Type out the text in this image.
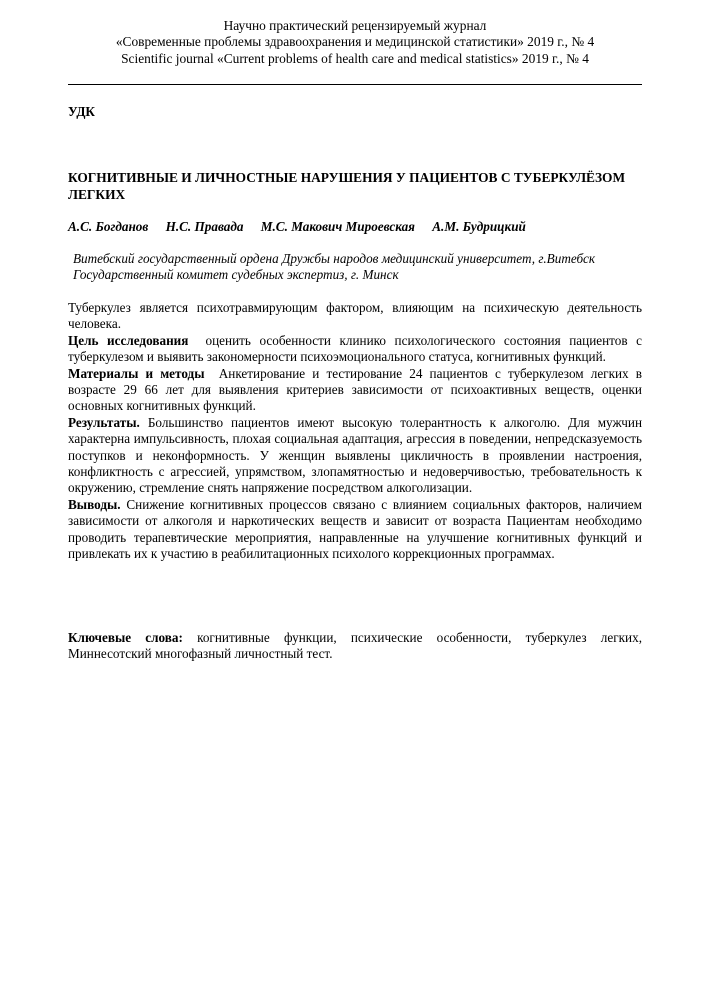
Научно практический рецензируемый журнал
«Современные проблемы здравоохранения и медицинской статистики» 2019 г., № 4
Scientific journal «Current problems of health care and medical statistics» 2019 г., № 4
УДК
КОГНИТИВНЫЕ И ЛИЧНОСТНЫЕ НАРУШЕНИЯ У ПАЦИЕНТОВ С ТУБЕРКУЛЁЗОМ ЛЕГКИХ
А.С. Богданов Н.С. Правада М.С. Макович Мироевская А.М. Будрицкий
Витебский государственный ордена Дружбы народов медицинский университет, г.Витебск
Государственный комитет судебных экспертиз, г. Минск

Туберкулез является психотравмирующим фактором, влияющим на психическую деятельность человека.

Цель исследования оценить особенности клинико психологического состояния пациентов с туберкулезом и выявить закономерности психоэмоционального статуса, когнитивных функций.

Материалы и методы Анкетирование и тестирование 24 пациентов с туберкулезом легких в возрасте 29 66 лет для выявления критериев зависимости от психоактивных веществ, оценки основных когнитивных функций.

Результаты. Большинство пациентов имеют высокую толерантность к алкоголю. Для мужчин характерна импульсивность, плохая социальная адаптация, агрессия в поведении, непредсказуемость поступков и неконформность. У женщин выявлены цикличность в проявлении настроения, конфликтность с агрессией, упрямством, злопамятностью и недоверчивостью, требовательность к окружению, стремление снять напряжение посредством алкоголизации.

Выводы. Снижение когнитивных процессов связано с влиянием социальных факторов, наличием зависимости от алкоголя и наркотических веществ и зависит от возраста Пациентам необходимо проводить терапевтические мероприятия, направленные на улучшение когнитивных функций и привлекать их к участию в реабилитационных психолого коррекционных программах.

Ключевые слова: когнитивные функции, психические особенности, туберкулез легких, Миннесотский многофазный личностный тест.
